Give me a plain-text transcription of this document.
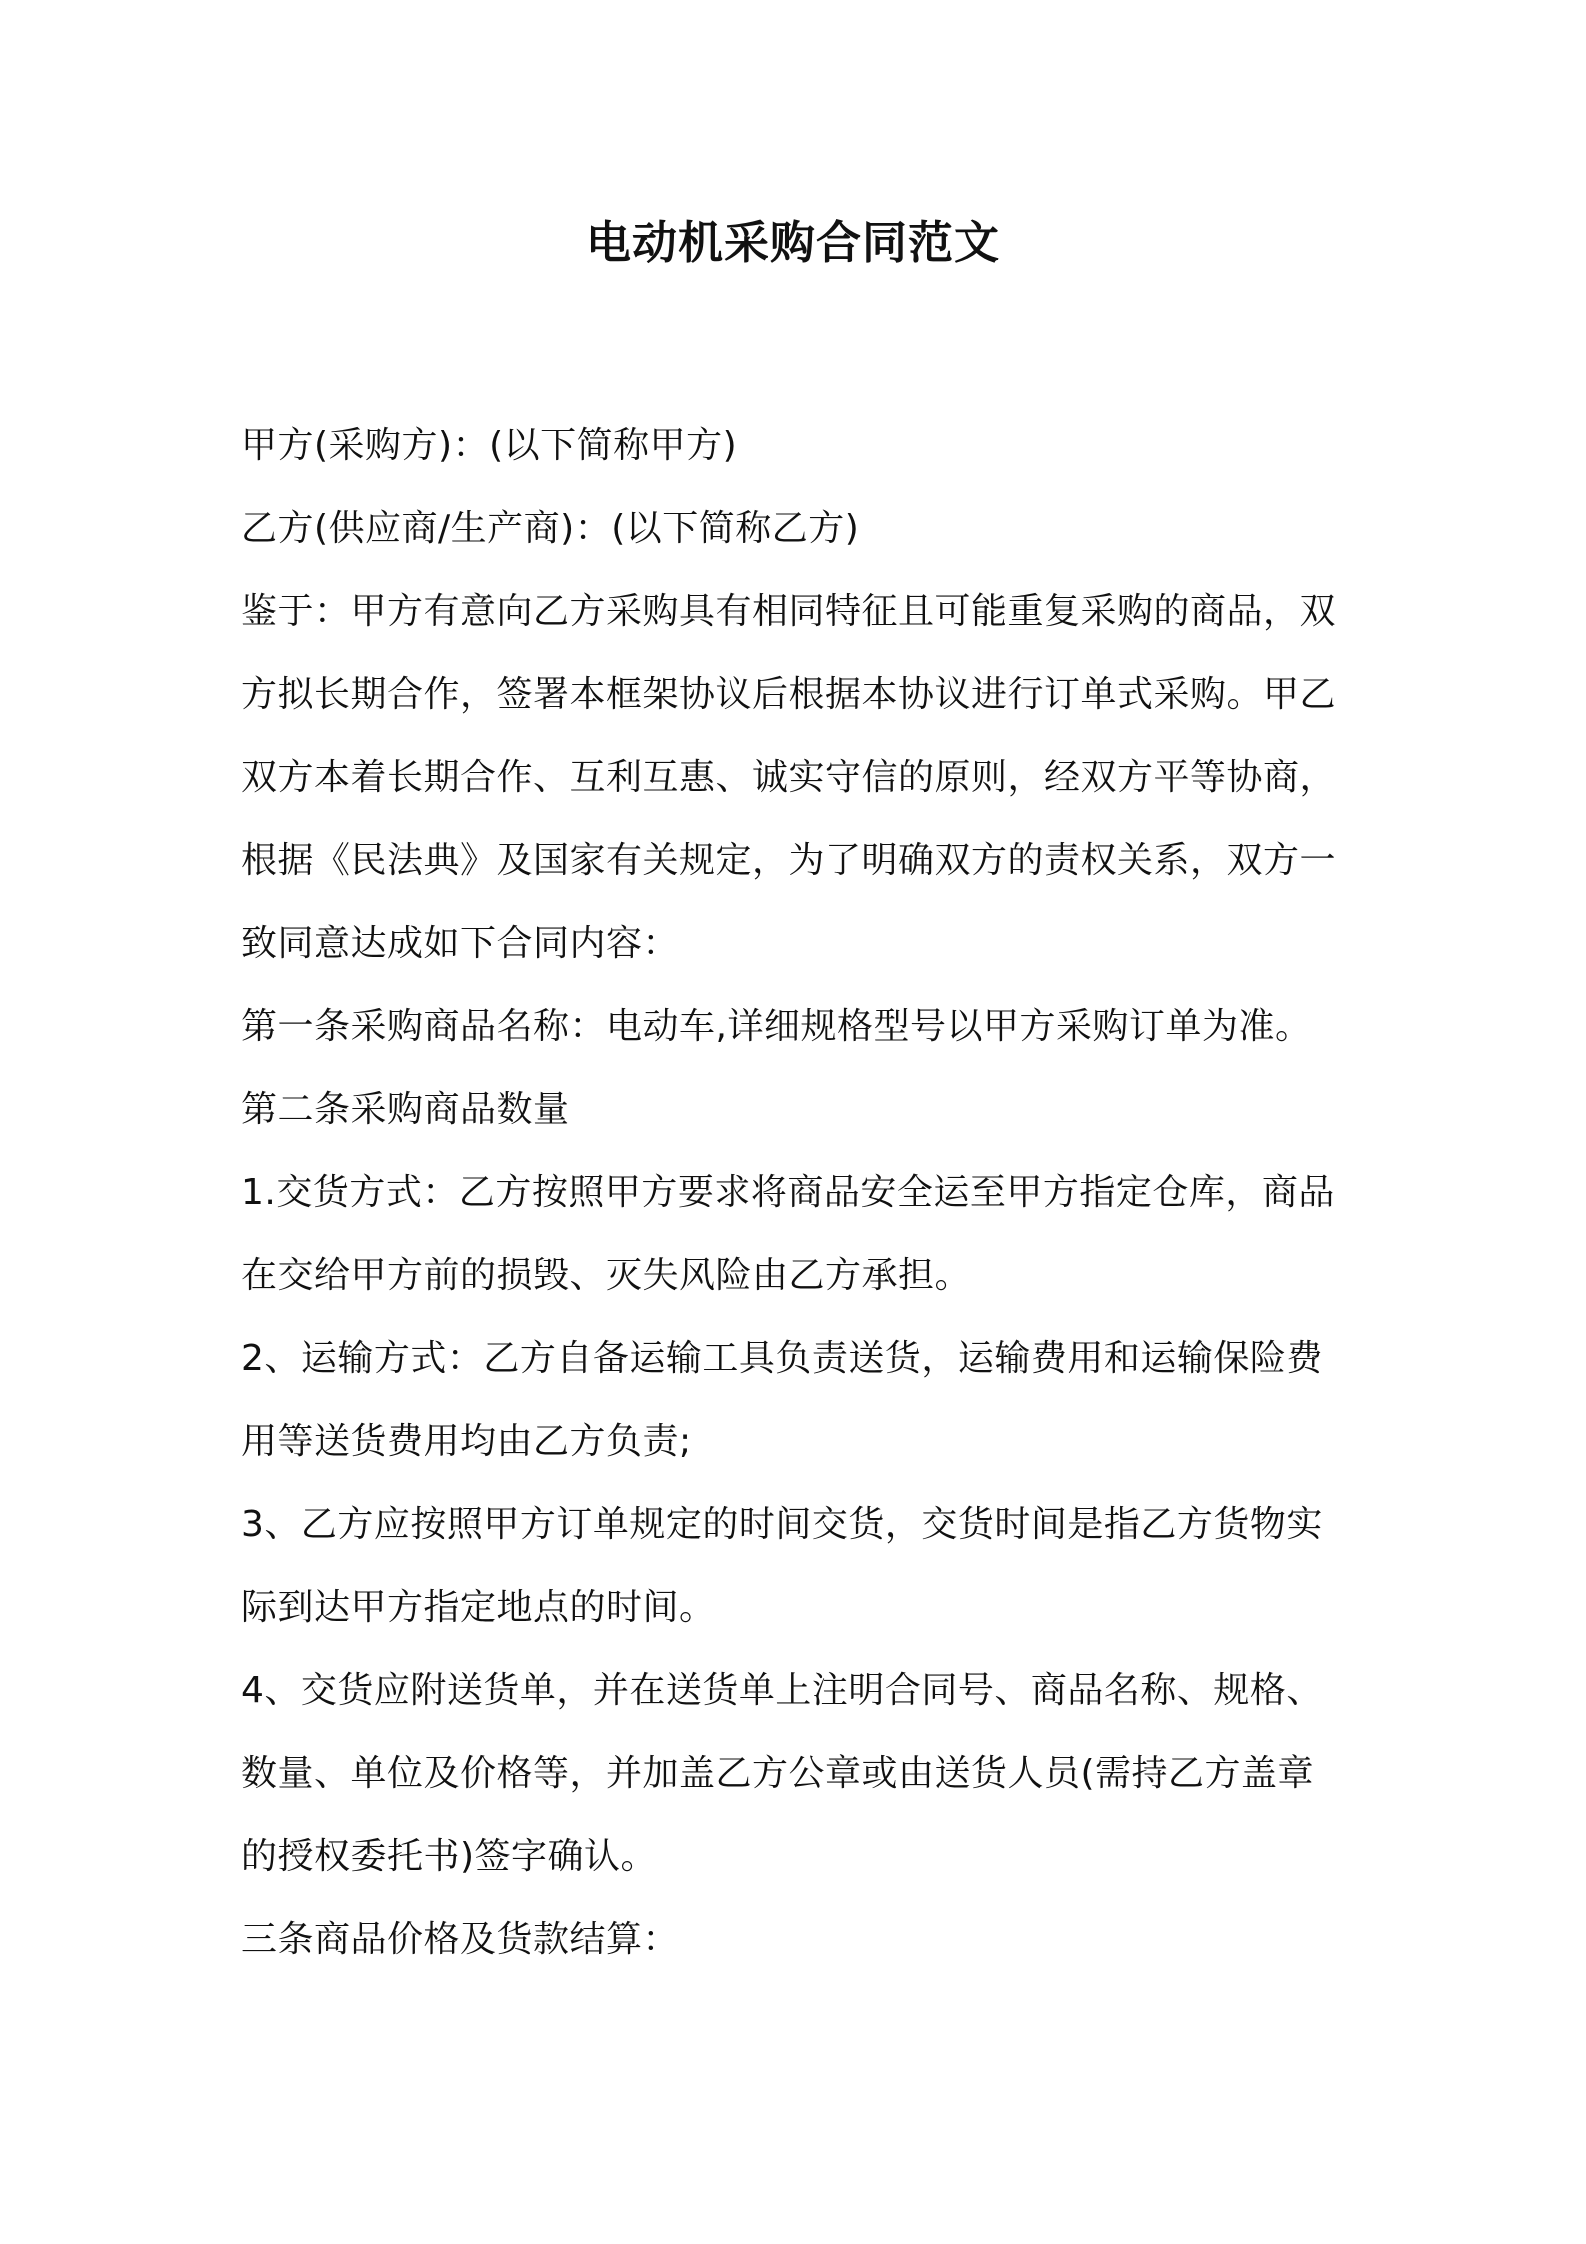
电动机采购合同范文

甲方(采购方)：(以下简称甲方)

乙方(供应商/生产商)：(以下简称乙方)

鉴于：甲方有意向乙方采购具有相同特征且可能重复采购的商品，双

方拟长期合作，签署本框架协议后根据本协议进行订单式采购。甲乙

双方本着长期合作、互利互惠、诚实守信的原则，经双方平等协商，

根据《民法典》及国家有关规定，为了明确双方的责权关系，双方一

致同意达成如下合同内容：

第一条采购商品名称：电动车,详细规格型号以甲方采购订单为准。

第二条采购商品数量

1.交货方式：乙方按照甲方要求将商品安全运至甲方指定仓库，商品

在交给甲方前的损毁、灭失风险由乙方承担。

2、运输方式：乙方自备运输工具负责送货，运输费用和运输保险费

用等送货费用均由乙方负责;

3、乙方应按照甲方订单规定的时间交货，交货时间是指乙方货物实

际到达甲方指定地点的时间。

4、交货应附送货单，并在送货单上注明合同号、商品名称、规格、

数量、单位及价格等，并加盖乙方公章或由送货人员(需持乙方盖章

的授权委托书)签字确认。

三条商品价格及货款结算：
